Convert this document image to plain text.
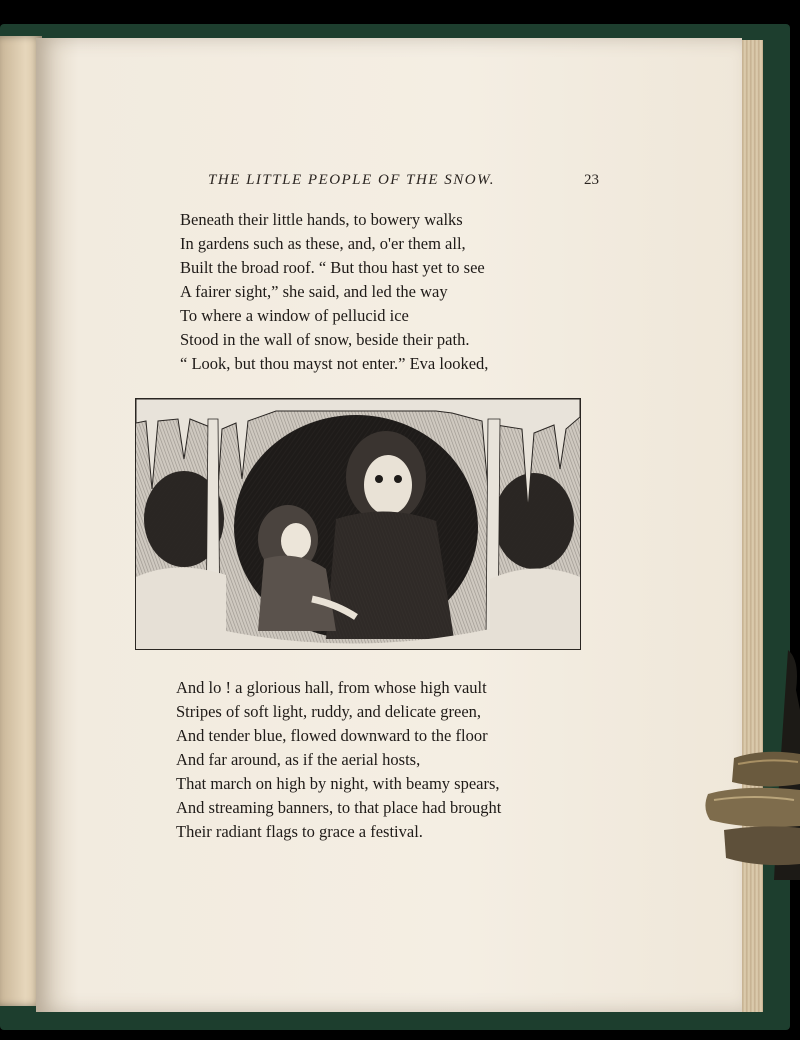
THE LITTLE PEOPLE OF THE SNOW.	23
Beneath their little hands, to bowery walks
In gardens such as these, and, o'er them all,
Built the broad roof. “ But thou hast yet to see
A fairer sight,” she said, and led the way
To where a window of pellucid ice
Stood in the wall of snow, beside their path.
“ Look, but thou mayst not enter.” Eva looked,
And lo ! a glorious hall, from whose high vault
Stripes of soft light, ruddy, and delicate green,
And tender blue, flowed downward to the floor
And far around, as if the aerial hosts,
That march on high by night, with beamy spears,
And streaming banners, to that place had brought
Their radiant flags to grace a festival.
